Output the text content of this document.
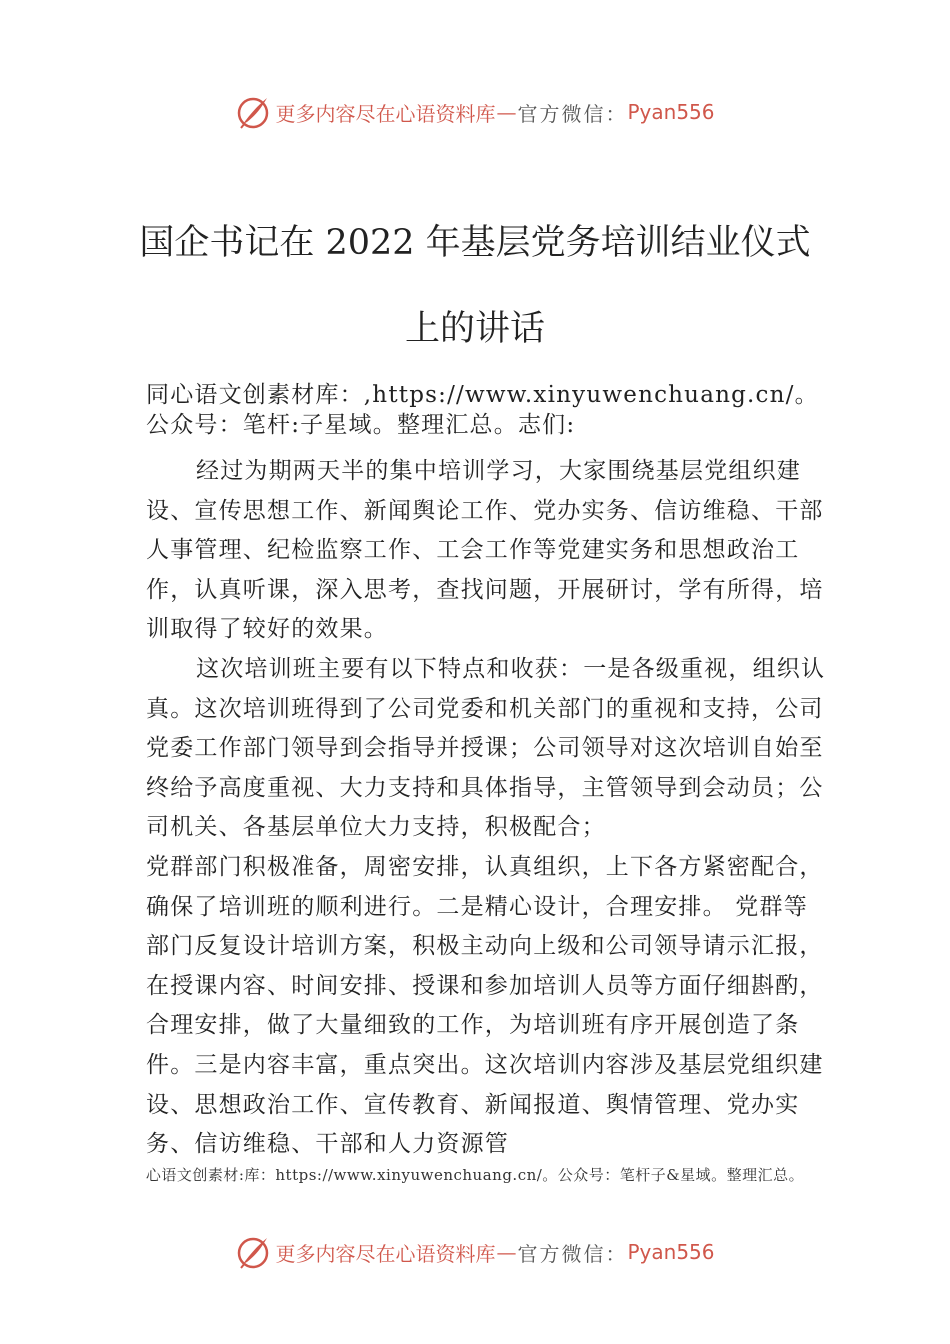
更多内容尽在心语资料库 — 官方微信： Pyan556
国企书记在 2022 年基层党务培训结业仪式
上的讲话

同心语文创素材库：,https://www.xinyuwenchuang.cn/。公众号：笔杆:子星域。整理汇总。志们:

经过为期两天半的集中培训学习，大家围绕基层党组织建设、宣传思想工作、新闻舆论工作、党办实务、信访维稳、干部人事管理、纪检监察工作、工会工作等党建实务和思想政治工作，认真听课，深入思考，查找问题，开展研讨，学有所得，培训取得了较好的效果。

这次培训班主要有以下特点和收获：一是各级重视，组织认真。这次培训班得到了公司党委和机关部门的重视和支持，公司党委工作部门领导到会指导并授课；公司领导对这次培训自始至终给予高度重视、大力支持和具体指导，主管领导到会动员；公司机关、各基层单位大力支持，积极配合；

党群部门积极准备，周密安排，认真组织，上下各方紧密配合，确保了培训班的顺利进行。二是精心设计，合理安排。 党群等部门反复设计培训方案，积极主动向上级和公司领导请示汇报，在授课内容、时间安排、授课和参加培训人员等方面仔细斟酌，合理安排，做了大量细致的工作，为培训班有序开展创造了条件。三是内容丰富，重点突出。这次培训内容涉及基层党组织建设、思想政治工作、宣传教育、新闻报道、舆情管理、党办实务、信访维稳、干部和人力资源管

心语文创素材:库：https://www.xinyuwenchuang.cn/。公众号：笔杆子&星域。整理汇总。
更多内容尽在心语资料库 — 官方微信： Pyan556
